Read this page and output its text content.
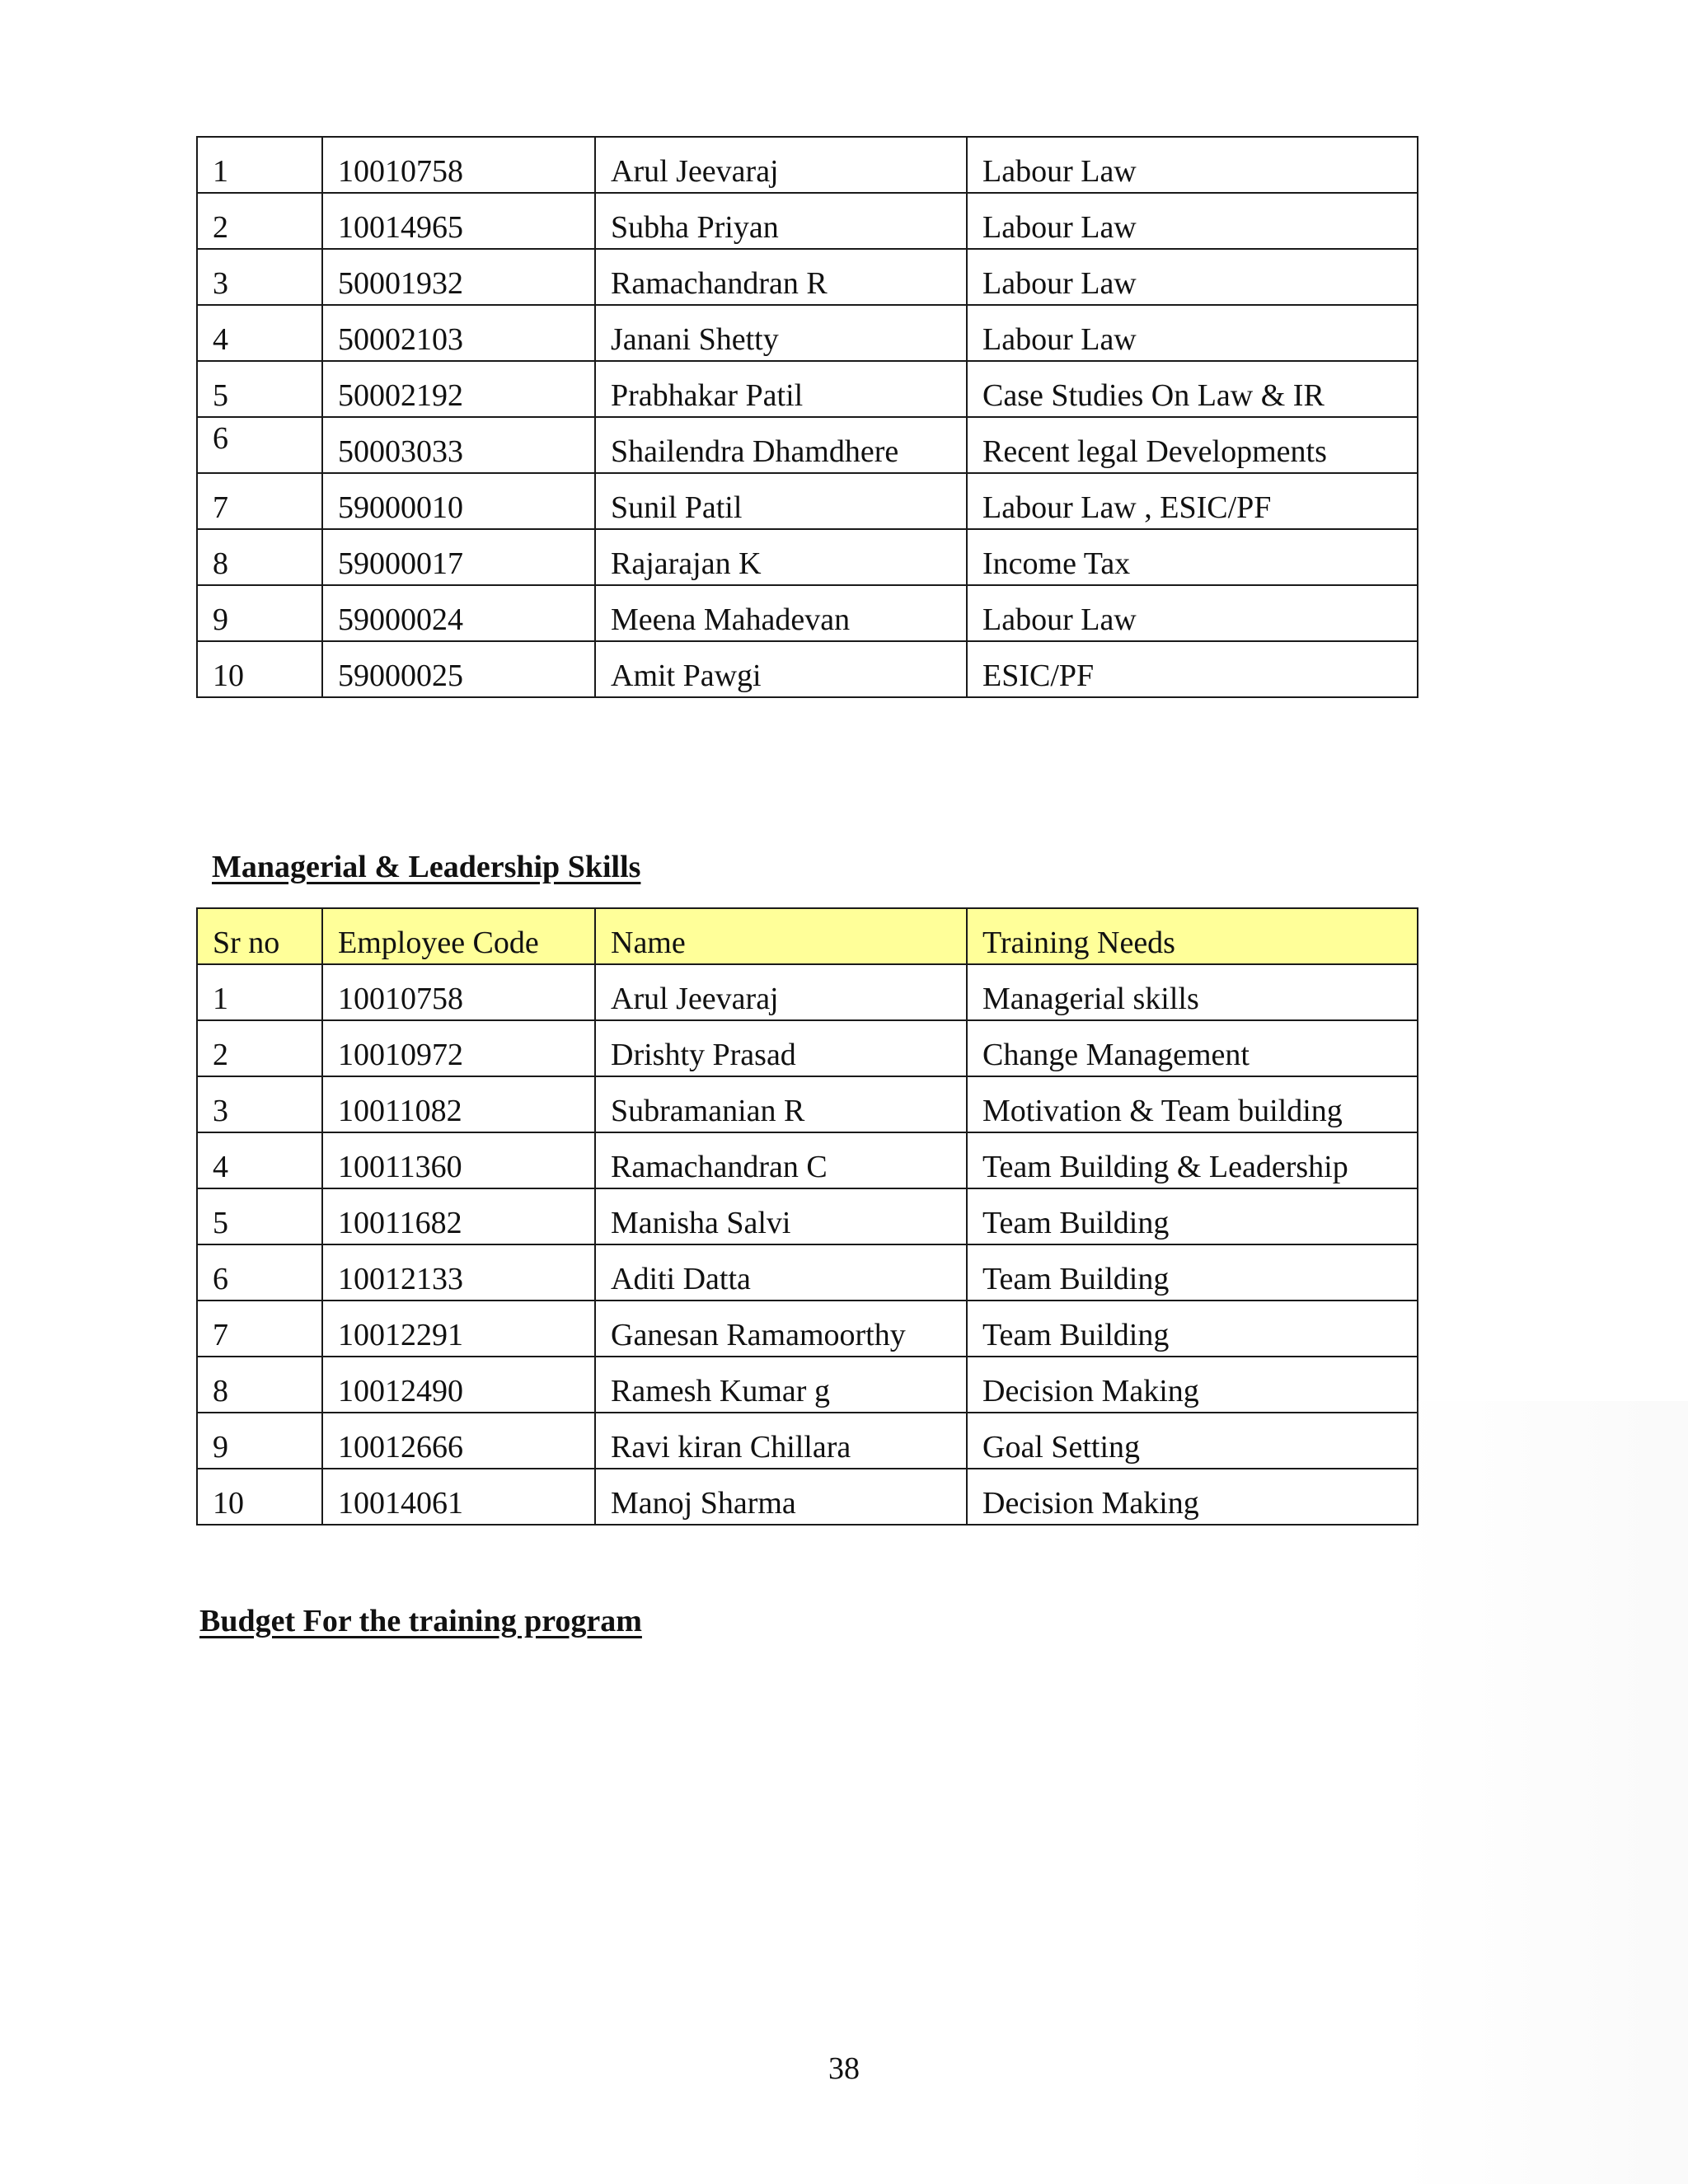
1	10010758	Arul Jeevaraj	Labour Law
2	10014965	Subha Priyan	Labour Law
3	50001932	Ramachandran R	Labour Law
4	50002103	Janani Shetty	Labour Law
5	50002192	Prabhakar Patil	Case Studies On Law & IR
6	50003033	Shailendra Dhamdhere	Recent legal Developments
7	59000010	Sunil Patil	Labour Law , ESIC/PF
8	59000017	Rajarajan K	Income Tax
9	59000024	Meena Mahadevan	Labour Law
10	59000025	Amit Pawgi	ESIC/PF
Managerial & Leadership Skills
Sr no	Employee Code	Name	Training Needs
1	10010758	Arul Jeevaraj	Managerial skills
2	10010972	Drishty Prasad	Change Management
3	10011082	Subramanian R	Motivation & Team building
4	10011360	Ramachandran C	Team Building & Leadership
5	10011682	Manisha Salvi	Team Building
6	10012133	Aditi Datta	Team Building
7	10012291	Ganesan Ramamoorthy	Team Building
8	10012490	Ramesh Kumar g	Decision Making
9	10012666	Ravi kiran Chillara	Goal Setting
10	10014061	Manoj Sharma	Decision Making
Budget For the training program
38
